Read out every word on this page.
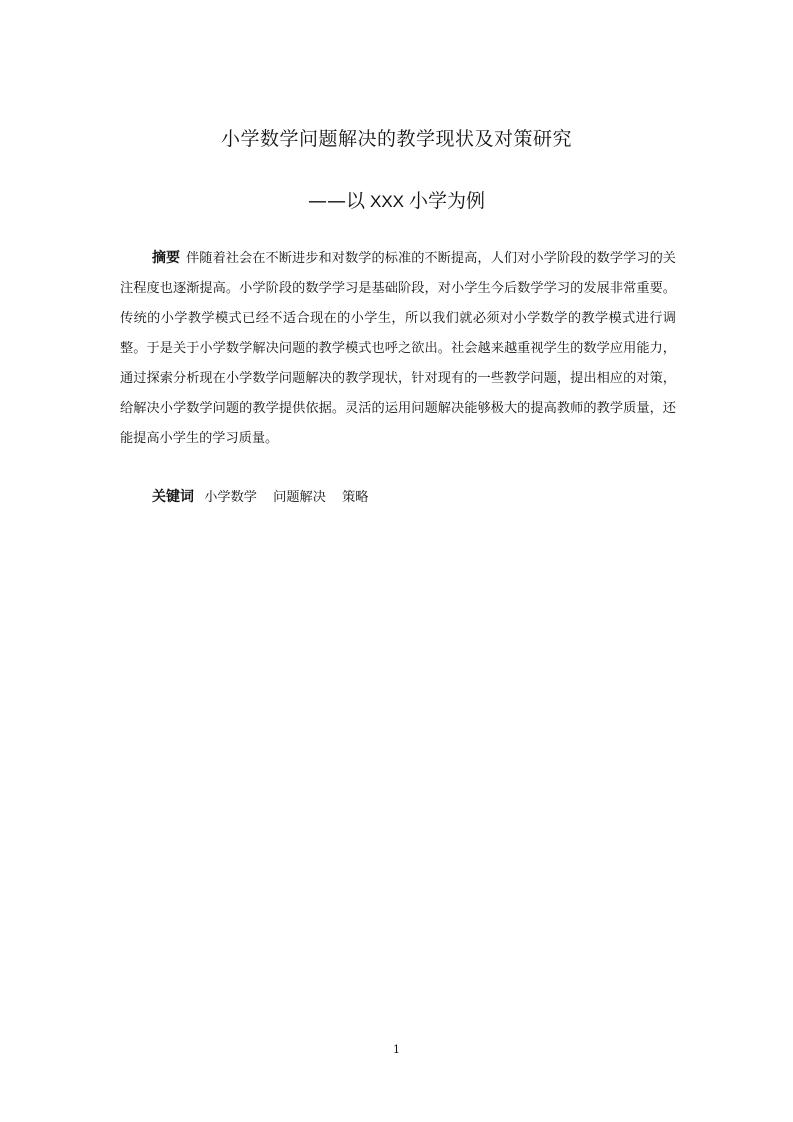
小学数学问题解决的教学现状及对策研究
——以 XXX 小学为例

摘要 伴随着社会在不断进步和对数学的标准的不断提高，人们对小学阶段的数学学习的关注程度也逐渐提高。小学阶段的数学学习是基础阶段，对小学生今后数学学习的发展非常重要。传统的小学教学模式已经不适合现在的小学生，所以我们就必须对小学数学的教学模式进行调整。于是关于小学数学解决问题的教学模式也呼之欲出。社会越来越重视学生的数学应用能力，通过探索分析现在小学数学问题解决的教学现状，针对现有的一些教学问题，提出相应的对策，给解决小学数学问题的教学提供依据。灵活的运用问题解决能够极大的提高教师的教学质量，还能提高小学生的学习质量。

关键词 小学数学 问题解决 策略
1
